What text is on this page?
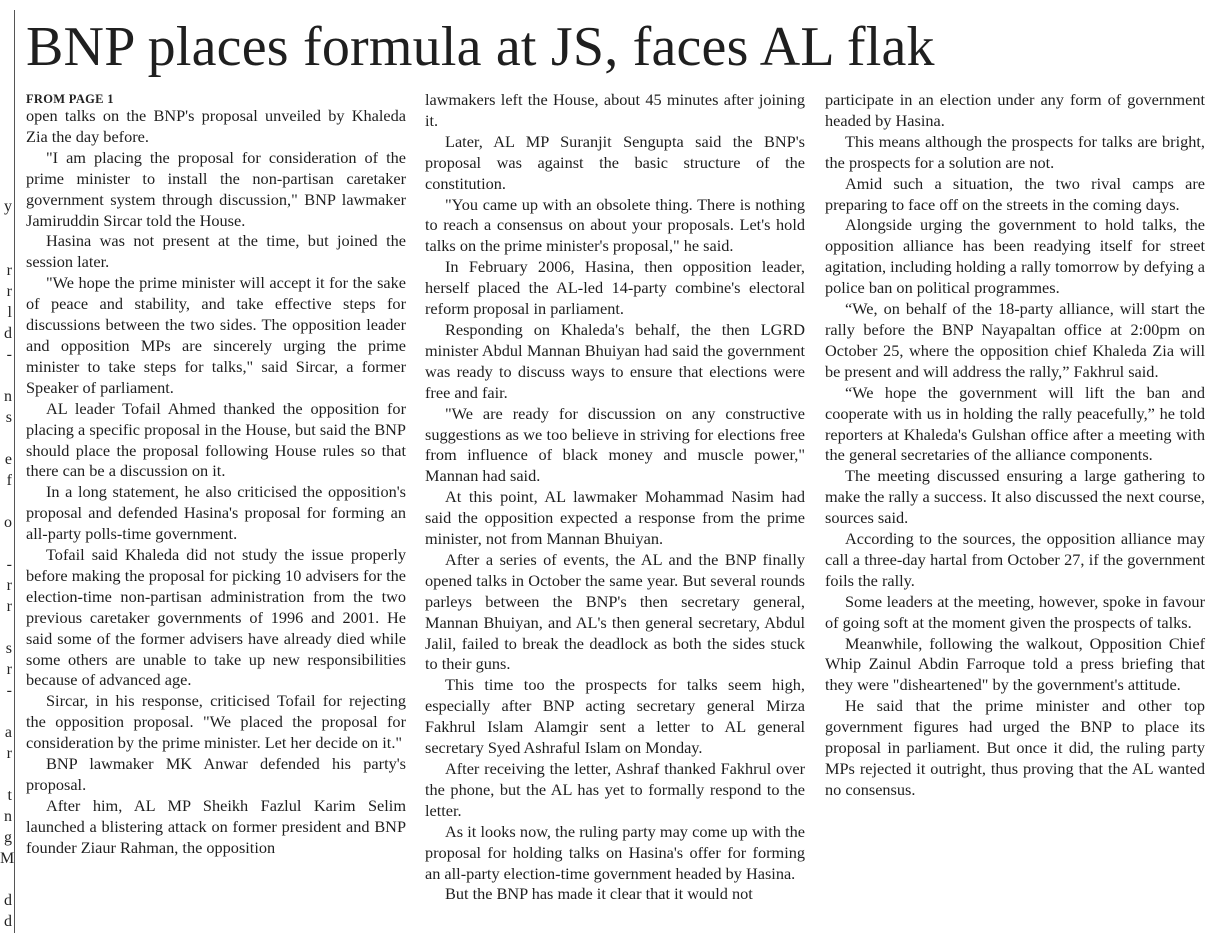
y
r
r
l
d
-
n
s
e
f
o
-
r
r
s
r
-
a
r
t
n
g
M
d
d
BNP places formula at JS, faces AL flak
FROM PAGE 1

open talks on the BNP's proposal unveiled by Khaleda Zia the day before.

"I am placing the proposal for consideration of the prime minister to install the non-partisan caretaker government system through discussion," BNP lawmaker Jamiruddin Sircar told the House.

Hasina was not present at the time, but joined the session later.

"We hope the prime minister will accept it for the sake of peace and stability, and take effective steps for discussions between the two sides. The opposition leader and opposition MPs are sincerely urging the prime minister to take steps for talks," said Sircar, a former Speaker of parliament.

AL leader Tofail Ahmed thanked the opposition for placing a specific proposal in the House, but said the BNP should place the proposal following House rules so that there can be a discussion on it.

In a long statement, he also criticised the opposition's proposal and defended Hasina's proposal for forming an all-party polls-time government.

Tofail said Khaleda did not study the issue properly before making the proposal for picking 10 advisers for the election-time non-partisan administration from the two previous caretaker governments of 1996 and 2001. He said some of the former advisers have already died while some others are unable to take up new responsibilities because of advanced age.

Sircar, in his response, criticised Tofail for rejecting the opposition proposal. "We placed the proposal for consideration by the prime minister. Let her decide on it."

BNP lawmaker MK Anwar defended his party's proposal.

After him, AL MP Sheikh Fazlul Karim Selim launched a blistering attack on former president and BNP founder Ziaur Rahman, the opposition

lawmakers left the House, about 45 minutes after joining it.

Later, AL MP Suranjit Sengupta said the BNP's proposal was against the basic structure of the constitution.

"You came up with an obsolete thing. There is nothing to reach a consensus on about your proposals. Let's hold talks on the prime minister's proposal," he said.

In February 2006, Hasina, then opposition leader, herself placed the AL-led 14-party combine's electoral reform proposal in parliament.

Responding on Khaleda's behalf, the then LGRD minister Abdul Mannan Bhuiyan had said the government was ready to discuss ways to ensure that elections were free and fair.

"We are ready for discussion on any constructive suggestions as we too believe in striving for elections free from influence of black money and muscle power," Mannan had said.

At this point, AL lawmaker Mohammad Nasim had said the opposition expected a response from the prime minister, not from Mannan Bhuiyan.

After a series of events, the AL and the BNP finally opened talks in October the same year. But several rounds parleys between the BNP's then secretary general, Mannan Bhuiyan, and AL's then general secretary, Abdul Jalil, failed to break the deadlock as both the sides stuck to their guns.

This time too the prospects for talks seem high, especially after BNP acting secretary general Mirza Fakhrul Islam Alamgir sent a letter to AL general secretary Syed Ashraful Islam on Monday.

After receiving the letter, Ashraf thanked Fakhrul over the phone, but the AL has yet to formally respond to the letter.

As it looks now, the ruling party may come up with the proposal for holding talks on Hasina's offer for forming an all-party election-time government headed by Hasina.

But the BNP has made it clear that it would not

participate in an election under any form of government headed by Hasina.

This means although the prospects for talks are bright, the prospects for a solution are not.

Amid such a situation, the two rival camps are preparing to face off on the streets in the coming days.

Alongside urging the government to hold talks, the opposition alliance has been readying itself for street agitation, including holding a rally tomorrow by defying a police ban on political programmes.

“We, on behalf of the 18-party alliance, will start the rally before the BNP Nayapaltan office at 2:00pm on October 25, where the opposition chief Khaleda Zia will be present and will address the rally,” Fakhrul said.

“We hope the government will lift the ban and cooperate with us in holding the rally peacefully,” he told reporters at Khaleda's Gulshan office after a meeting with the general secretaries of the alliance components.

The meeting discussed ensuring a large gathering to make the rally a success. It also discussed the next course, sources said.

According to the sources, the opposition alliance may call a three-day hartal from October 27, if the government foils the rally.

Some leaders at the meeting, however, spoke in favour of going soft at the moment given the prospects of talks.

Meanwhile, following the walkout, Opposition Chief Whip Zainul Abdin Farroque told a press briefing that they were "disheartened" by the government's attitude.

He said that the prime minister and other top government figures had urged the BNP to place its proposal in parliament. But once it did, the ruling party MPs rejected it outright, thus proving that the AL wanted no consensus.
